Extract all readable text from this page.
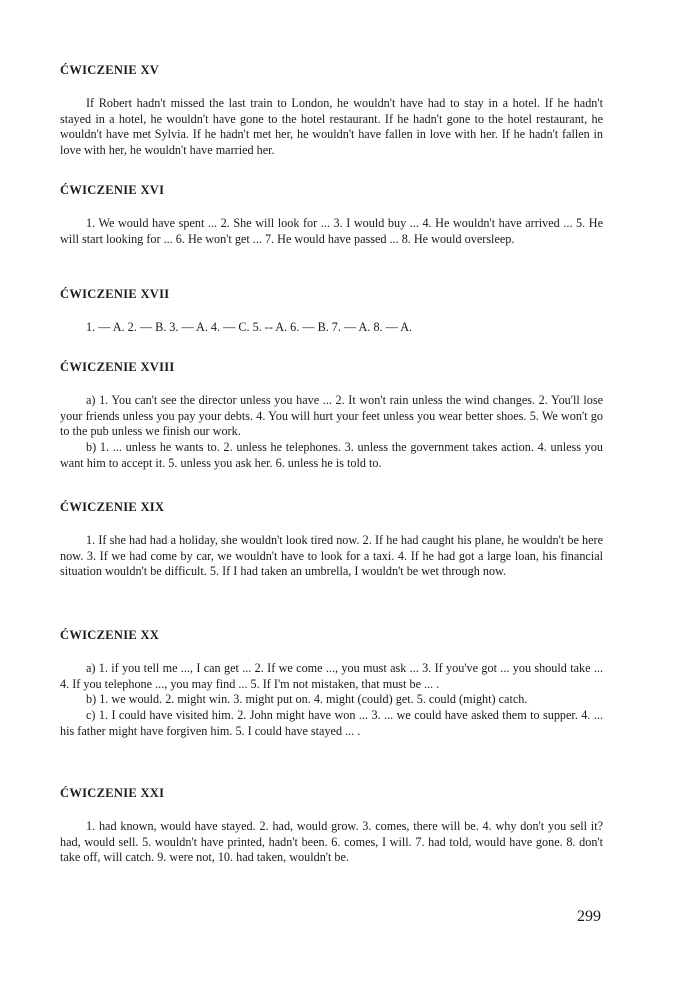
ĆWICZENIE XV

If Robert hadn't missed the last train to London, he wouldn't have had to stay in a hotel. If he hadn't stayed in a hotel, he wouldn't have gone to the hotel restaurant. If he hadn't gone to the hotel restaurant, he wouldn't have met Sylvia. If he hadn't met her, he wouldn't have fallen in love with her. If he hadn't fallen in love with her, he wouldn't have married her.

ĆWICZENIE XVI

1. We would have spent ... 2. She will look for ... 3. I would buy ... 4. He wouldn't have arrived ... 5. He will start looking for ... 6. He won't get ... 7. He would have passed ... 8. He would oversleep.

ĆWICZENIE XVII

1. — A. 2. — B. 3. — A. 4. — C. 5. -- A. 6. — B. 7. — A. 8. — A.

ĆWICZENIE XVIII

a) 1. You can't see the director unless you have ... 2. It won't rain unless the wind changes. 2. You'll lose your friends unless you pay your debts. 4. You will hurt your feet unless you wear better shoes. 5. We won't go to the pub unless we finish our work.

b) 1. ... unless he wants to. 2. unless he telephones. 3. unless the government takes action. 4. unless you want him to accept it. 5. unless you ask her. 6. unless he is told to.

ĆWICZENIE XIX

1. If she had had a holiday, she wouldn't look tired now. 2. If he had caught his plane, he wouldn't be here now. 3. If we had come by car, we wouldn't have to look for a taxi. 4. If he had got a large loan, his financial situation wouldn't be difficult. 5. If I had taken an umbrella, I wouldn't be wet through now.

ĆWICZENIE XX

a) 1. if you tell me ..., I can get ... 2. If we come ..., you must ask ... 3. If you've got ... you should take ... 4. If you telephone ..., you may find ... 5. If I'm not mistaken, that must be ... .

b) 1. we would. 2. might win. 3. might put on. 4. might (could) get. 5. could (might) catch.

c) 1. I could have visited him. 2. John might have won ... 3. ... we could have asked them to supper. 4. ... his father might have forgiven him. 5. I could have stayed ... .

ĆWICZENIE XXI

1. had known, would have stayed. 2. had, would grow. 3. comes, there will be. 4. why don't you sell it? had, would sell. 5. wouldn't have printed, hadn't been. 6. comes, I will. 7. had told, would have gone. 8. don't take off, will catch. 9. were not, 10. had taken, wouldn't be.

299
